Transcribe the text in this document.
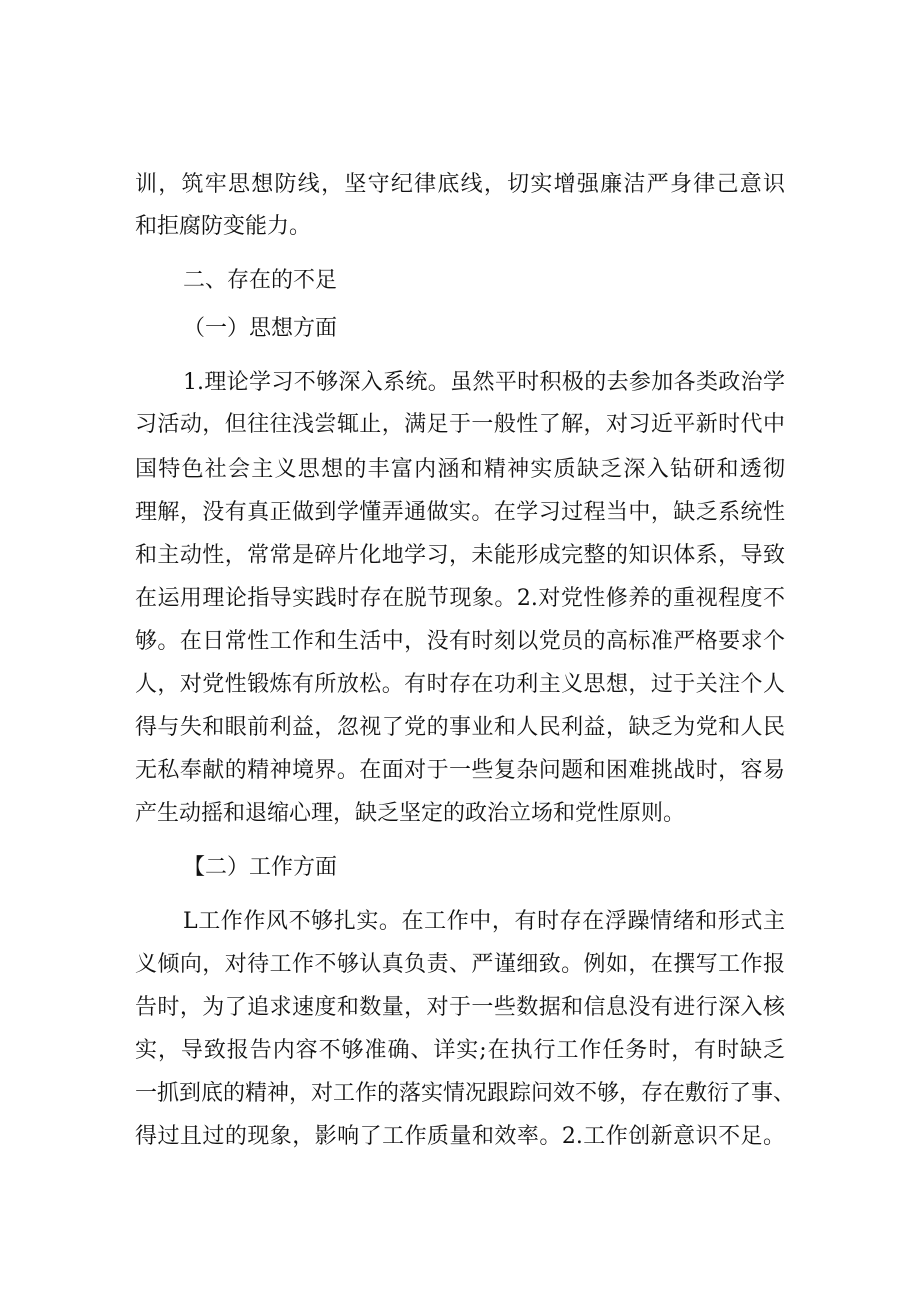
训，筑牢思想防线，坚守纪律底线，切实增强廉洁严身律己意识

和拒腐防变能力。

二、存在的不足

（一）思想方面

1.理论学习不够深入系统。虽然平时积极的去参加各类政治学

习活动，但往往浅尝辄止，满足于一般性了解，对习近平新时代中

国特色社会主义思想的丰富内涵和精神实质缺乏深入钻研和透彻

理解，没有真正做到学懂弄通做实。在学习过程当中，缺乏系统性

和主动性，常常是碎片化地学习，未能形成完整的知识体系，导致

在运用理论指导实践时存在脱节现象。2.对党性修养的重视程度不

够。在日常性工作和生活中，没有时刻以党员的高标准严格要求个

人，对党性锻炼有所放松。有时存在功利主义思想，过于关注个人

得与失和眼前利益，忽视了党的事业和人民利益，缺乏为党和人民

无私奉献的精神境界。在面对于一些复杂问题和困难挑战时，容易

产生动摇和退缩心理，缺乏坚定的政治立场和党性原则。

【二）工作方面

L工作作风不够扎实。在工作中，有时存在浮躁情绪和形式主

义倾向，对待工作不够认真负责、严谨细致。例如，在撰写工作报

告时，为了追求速度和数量，对于一些数据和信息没有进行深入核

实，导致报告内容不够准确、详实;在执行工作任务时，有时缺乏

一抓到底的精神，对工作的落实情况跟踪问效不够，存在敷衍了事、

得过且过的现象，影响了工作质量和效率。2.工作创新意识不足。
